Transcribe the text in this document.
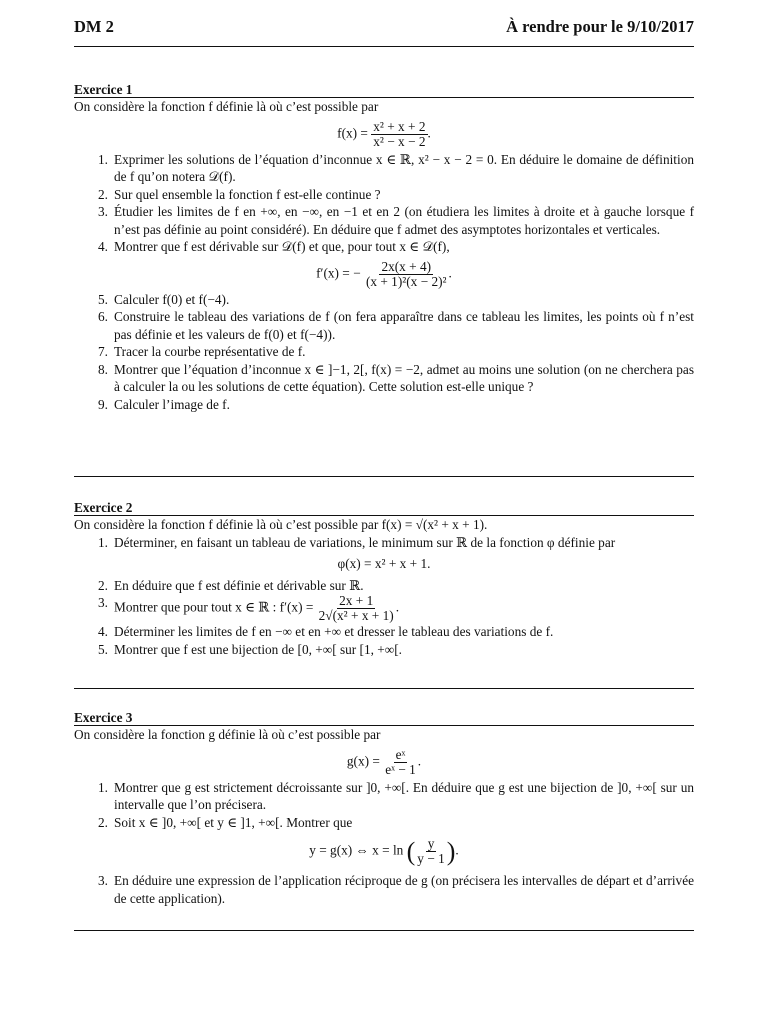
DM 2	À rendre pour le 9/10/2017
Exercice 1
On considère la fonction f définie là où c’est possible par
$f(x) = \frac{\text{x² + x + 2}}{\text{x² − x − 2}}$ .
1. Exprimer les solutions de l’équation d’inconnue x ∈ ℝ, x² − x − 2 = 0. En déduire le domaine de définition de f qu’on notera 𝒟(f).
2. Sur quel ensemble la fonction f est-elle continue ?
3. Étudier les limites de f en +∞, en −∞, en −1 et en 2 (on étudiera les limites à droite et à gauche lorsque f n’est pas définie au point considéré). En déduire que f admet des asymptotes horizontales et verticales.
4. Montrer que f est dérivable sur 𝒟(f) et que, pour tout x ∈ 𝒟(f),
f′(x) = − $\frac{2x(x + 4)}{\text{(x + 1)²(x − 2)²}}$ .
5. Calculer f(0) et f(−4).
6. Construire le tableau des variations de f (on fera apparaître dans ce tableau les limites, les points où f n’est pas définie et les valeurs de f(0) et f(−4)).
7. Tracer la courbe représentative de f.
8. Montrer que l’équation d’inconnue x ∈ ]−1, 2[, f(x) = −2, admet au moins une solution (on ne cherchera pas à calculer la ou les solutions de cette équation). Cette solution est-elle unique ?
9. Calculer l’image de f.
Exercice 2
On considère la fonction f définie là où c’est possible par f(x) = √(x² + x + 1).
1. Déterminer, en faisant un tableau de variations, le minimum sur ℝ de la fonction φ définie par
φ(x) = x² + x + 1.
2. En déduire que f est définie et dérivable sur ℝ.
3. Montrer que pour tout x ∈ ℝ : $f'(x) = \frac{2x + 1}{\text{2√(x² + x + 1)}}$ .
4. Déterminer les limites de f en −∞ et en +∞ et dresser le tableau des variations de f.
5. Montrer que f est une bijection de [0, +∞[ sur [1, +∞[.
Exercice 3
On considère la fonction g définie là où c’est possible par
$g(x) = \frac{\text{eˣ}}{\text{eˣ − 1}}$ .
1. Montrer que g est strictement décroissante sur ]0, +∞[. En déduire que g est une bijection de ]0, +∞[ sur un intervalle que l’on précisera.
2. Soit x ∈ ]0, +∞[ et y ∈ ]1, +∞[. Montrer que
y = g(x) ⇔ x = ln ( $\frac{y}{y - 1}$ ).
3. En déduire une expression de l’application réciproque de g (on précisera les intervalles de départ et d’arrivée de cette application).
